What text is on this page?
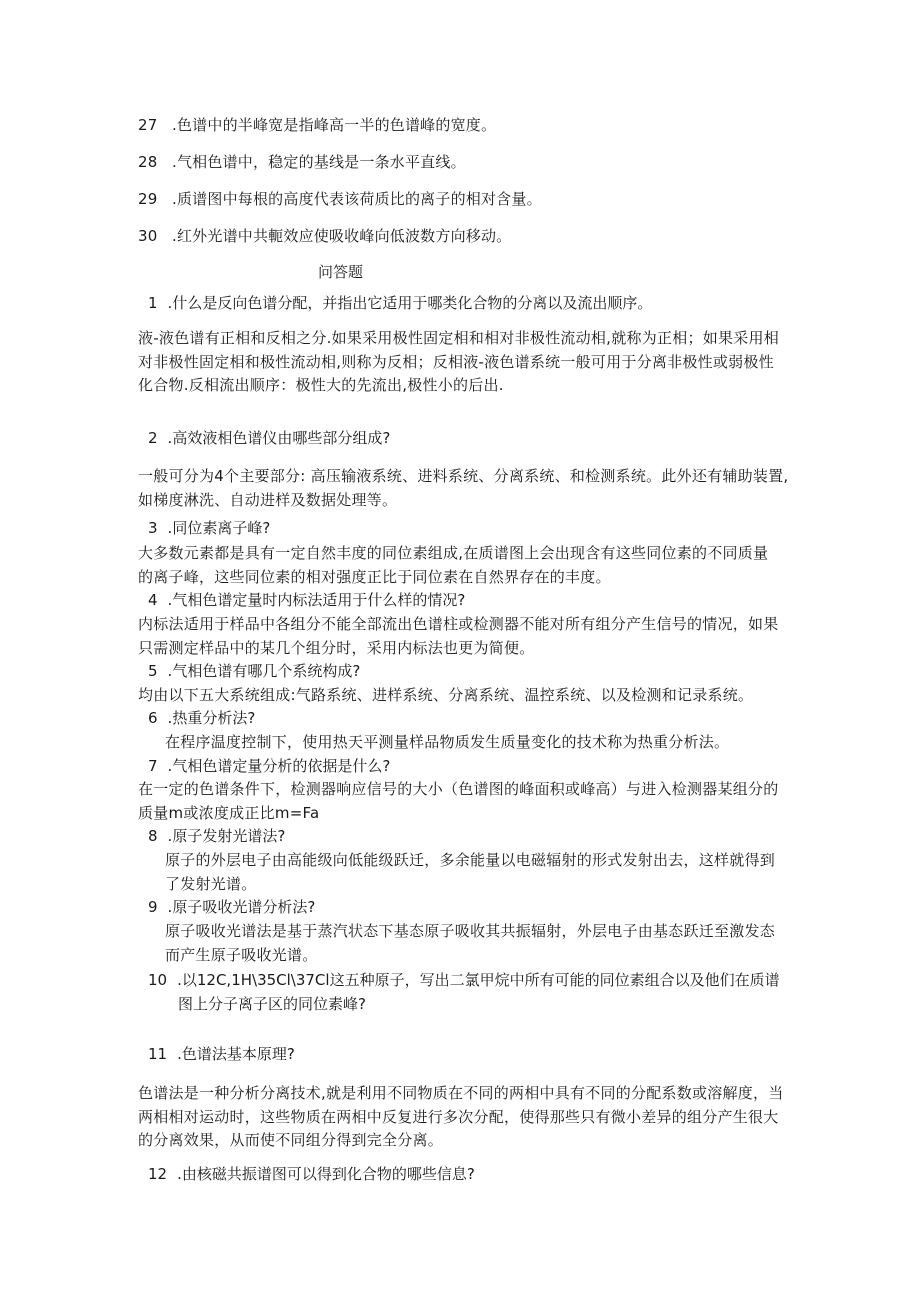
27 .色谱中的半峰宽是指峰高一半的色谱峰的宽度。
28 .气相色谱中，稳定的基线是一条水平直线。
29 .质谱图中每根的高度代表该荷质比的离子的相对含量。
30 .红外光谱中共軛效应使吸收峰向低波数方向移动。
问答题
1 .什么是反向色谱分配，并指出它适用于哪类化合物的分离以及流出顺序。
液-液色谱有正相和反相之分.如果采用极性固定相和相对非极性流动相,就称为正相；如果采用相
对非极性固定相和极性流动相,则称为反相；反相液-液色谱系统一般可用于分离非极性或弱极性
化合物.反相流出顺序：极性大的先流出,极性小的后出.
2 .高效液相色谱仪由哪些部分组成?
一般可分为4个主要部分: 高压输液系统、进料系统、分离系统、和检测系统。此外还有辅助装置,
如梯度淋洗、自动进样及数据处理等。
3 .同位素离子峰?
大多数元素都是具有一定自然丰度的同位素组成,在质谱图上会出现含有这些同位素的不同质量
的离子峰，这些同位素的相对强度正比于同位素在自然界存在的丰度。
4 .气相色谱定量时内标法适用于什么样的情况?
内标法适用于样品中各组分不能全部流出色谱柱或检测器不能对所有组分产生信号的情况，如果
只需测定样品中的某几个组分时，采用内标法也更为简便。
5 .气相色谱有哪几个系统构成?
均由以下五大系统组成:气路系统、进样系统、分离系统、温控系统、以及检测和记录系统。
6 .热重分析法?
在程序温度控制下，使用热天平测量样品物质发生质量变化的技术称为热重分析法。
7 .气相色谱定量分析的依据是什么?
在一定的色谱条件下，检测器响应信号的大小（色谱图的峰面积或峰高）与进入检测器某组分的
质量m或浓度成正比m=Fa
8 .原子发射光谱法?
原子的外层电子由高能级向低能级跃迁，多余能量以电磁辐射的形式发射出去，这样就得到
了发射光谱。
9 .原子吸收光谱分析法?
原子吸收光谱法是基于蒸汽状态下基态原子吸收其共振辐射，外层电子由基态跃迁至激发态
而产生原子吸收光谱。
10 .以12C,1H\35Cl\37Cl这五种原子，写出二氯甲烷中所有可能的同位素组合以及他们在质谱
图上分子离子区的同位素峰?
11 .色谱法基本原理?
色谱法是一种分析分离技术,就是利用不同物质在不同的两相中具有不同的分配系数或溶解度，当
两相相对运动时，这些物质在两相中反复进行多次分配，使得那些只有微小差异的组分产生很大
的分离效果，从而使不同组分得到完全分离。
12 .由核磁共振谱图可以得到化合物的哪些信息?
